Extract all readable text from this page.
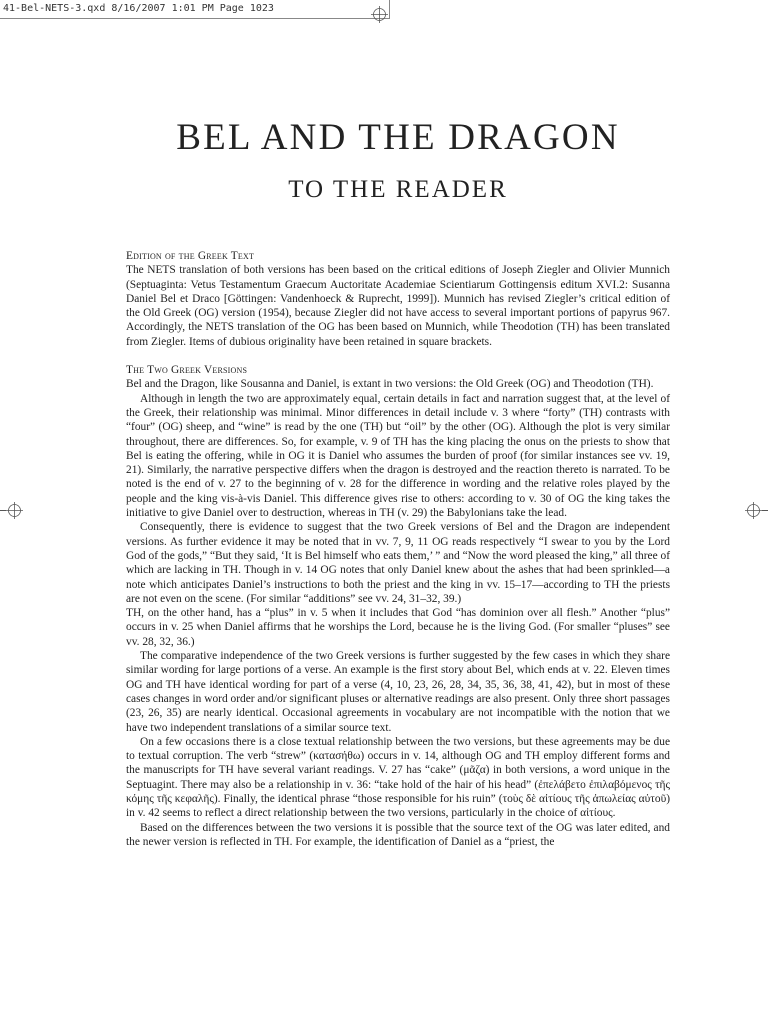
41-Bel-NETS-3.qxd 8/16/2007 1:01 PM Page 1023
BEL AND THE DRAGON
TO THE READER

Edition of the Greek Text

The NETS translation of both versions has been based on the critical editions of Joseph Ziegler and Olivier Munnich (Septuaginta: Vetus Testamentum Graecum Auctoritate Academiae Scientiarum Gottingensis editum XVI.2: Susanna Daniel Bel et Draco [Göttingen: Vandenhoeck & Ruprecht, 1999]). Munnich has revised Ziegler’s critical edition of the Old Greek (OG) version (1954), because Ziegler did not have access to several important portions of papyrus 967. Accordingly, the NETS translation of the OG has been based on Munnich, while Theodotion (TH) has been translated from Ziegler. Items of dubious originality have been retained in square brackets.

The Two Greek Versions

Bel and the Dragon, like Sousanna and Daniel, is extant in two versions: the Old Greek (OG) and Theodotion (TH).

Although in length the two are approximately equal, certain details in fact and narration suggest that, at the level of the Greek, their relationship was minimal. Minor differences in detail include v. 3 where “forty” (TH) contrasts with “four” (OG) sheep, and “wine” is read by the one (TH) but “oil” by the other (OG). Although the plot is very similar throughout, there are differences. So, for example, v. 9 of TH has the king placing the onus on the priests to show that Bel is eating the offering, while in OG it is Daniel who assumes the burden of proof (for similar instances see vv. 19, 21). Similarly, the narrative perspective differs when the dragon is destroyed and the reaction thereto is narrated. To be noted is the end of v. 27 to the beginning of v. 28 for the difference in wording and the relative roles played by the people and the king vis-à-vis Daniel. This difference gives rise to others: according to v. 30 of OG the king takes the initiative to give Daniel over to destruction, whereas in TH (v. 29) the Babylonians take the lead.

Consequently, there is evidence to suggest that the two Greek versions of Bel and the Dragon are independent versions. As further evidence it may be noted that in vv. 7, 9, 11 OG reads respectively “I swear to you by the Lord God of the gods,” “But they said, ‘It is Bel himself who eats them,’ ” and “Now the word pleased the king,” all three of which are lacking in TH. Though in v. 14 OG notes that only Daniel knew about the ashes that had been sprinkled—a note which anticipates Daniel’s instructions to both the priest and the king in vv. 15–17—according to TH the priests are not even on the scene. (For similar “additions” see vv. 24, 31–32, 39.)

TH, on the other hand, has a “plus” in v. 5 when it includes that God “has dominion over all flesh.” Another “plus” occurs in v. 25 when Daniel affirms that he worships the Lord, because he is the living God. (For smaller “pluses” see vv. 28, 32, 36.)

The comparative independence of the two Greek versions is further suggested by the few cases in which they share similar wording for large portions of a verse. An example is the first story about Bel, which ends at v. 22. Eleven times OG and TH have identical wording for part of a verse (4, 10, 23, 26, 28, 34, 35, 36, 38, 41, 42), but in most of these cases changes in word order and/or significant pluses or alternative readings are also present. Only three short passages (23, 26, 35) are nearly identical. Occasional agreements in vocabulary are not incompatible with the notion that we have two independent translations of a similar source text.

On a few occasions there is a close textual relationship between the two versions, but these agreements may be due to textual corruption. The verb “strew” (κατασήθω) occurs in v. 14, although OG and TH employ different forms and the manuscripts for TH have several variant readings. V. 27 has “cake” (μᾶζα) in both versions, a word unique in the Septuagint. There may also be a relationship in v. 36: “take hold of the hair of his head” (ἐπελάβετο ἐπιλαβόμενος τῆς κόμης τῆς κεφαλῆς). Finally, the identical phrase “those responsible for his ruin” (τοὺς δὲ αἰτίους τῆς ἀπωλείας αὐτοῦ) in v. 42 seems to reflect a direct relationship between the two versions, particularly in the choice of αἰτίους.

Based on the differences between the two versions it is possible that the source text of the OG was later edited, and the newer version is reflected in TH. For example, the identification of Daniel as a “priest, the
